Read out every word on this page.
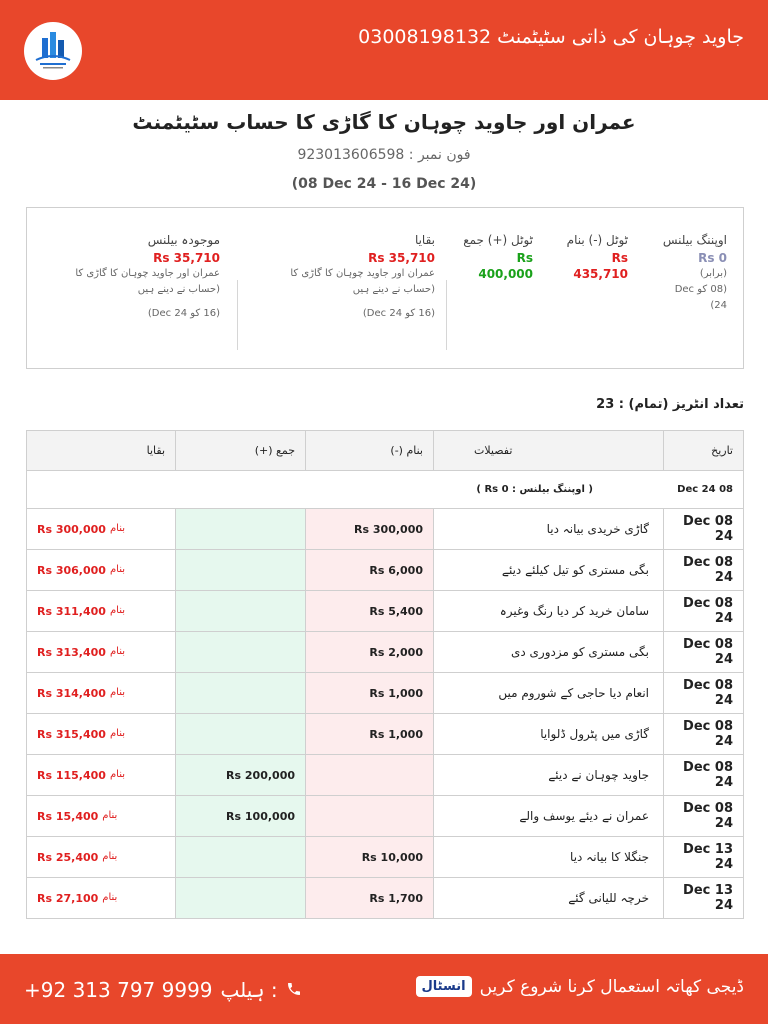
جاوید چوہان کی ذاتی سٹیٹمنٹ 03008198132
عمران اور جاوید چوہان کا گاڑی کا حساب سٹیٹمنٹ
فون نمبر : 923013606598
(08 Dec 24 - 16 Dec 24)
اوپننگ بیلنس
Rs 0
(برابر)
(08 کو Dec 24)
ٹوٹل (-) بنام
Rs 435,710
ٹوٹل (+) جمع
Rs 400,000
بقایا
Rs 35,710
عمران اور جاوید چوہان کا گاڑی کا (حساب نے دینے ہیں
(16 کو Dec 24)
موجودہ بیلنس
Rs 35,710
عمران اور جاوید چوہان کا گاڑی کا (حساب نے دینے ہیں
(16 کو Dec 24)
تعداد انٹریز (تمام) : 23
تاریخ
تفصیلات
بنام (-)
جمع (+)
بقایا
08 Dec 24
( Rs 0 : اوپننگ بیلنس )
08 Dec 24
گاڑی خریدی بیانہ دیا
Rs 300,000
بنام
Rs 300,000
08 Dec 24
بگی مستری کو تیل کیلئے دیئے
Rs 6,000
بنام
Rs 306,000
08 Dec 24
سامان خرید کر دیا رنگ وغیرہ
Rs 5,400
بنام
Rs 311,400
08 Dec 24
بگی مستری کو مزدوری دی
Rs 2,000
بنام
Rs 313,400
08 Dec 24
انعام دیا حاجی کے شوروم میں
Rs 1,000
بنام
Rs 314,400
08 Dec 24
گاڑی میں پٹرول ڈلوایا
Rs 1,000
بنام
Rs 315,400
08 Dec 24
جاوید چوہان نے دیئے
Rs 200,000
بنام
Rs 115,400
08 Dec 24
عمران نے دیئے یوسف والے
Rs 100,000
بنام
Rs 15,400
13 Dec 24
جنگلا کا بیانہ دیا
Rs 10,000
بنام
Rs 25,400
13 Dec 24
خرچہ للیانی گئے
Rs 1,700
بنام
Rs 27,100
+92 313 797 9999 ہیلپ :	ڈیجی کھاتہ استعمال کرنا شروع کریں
انسٹال
